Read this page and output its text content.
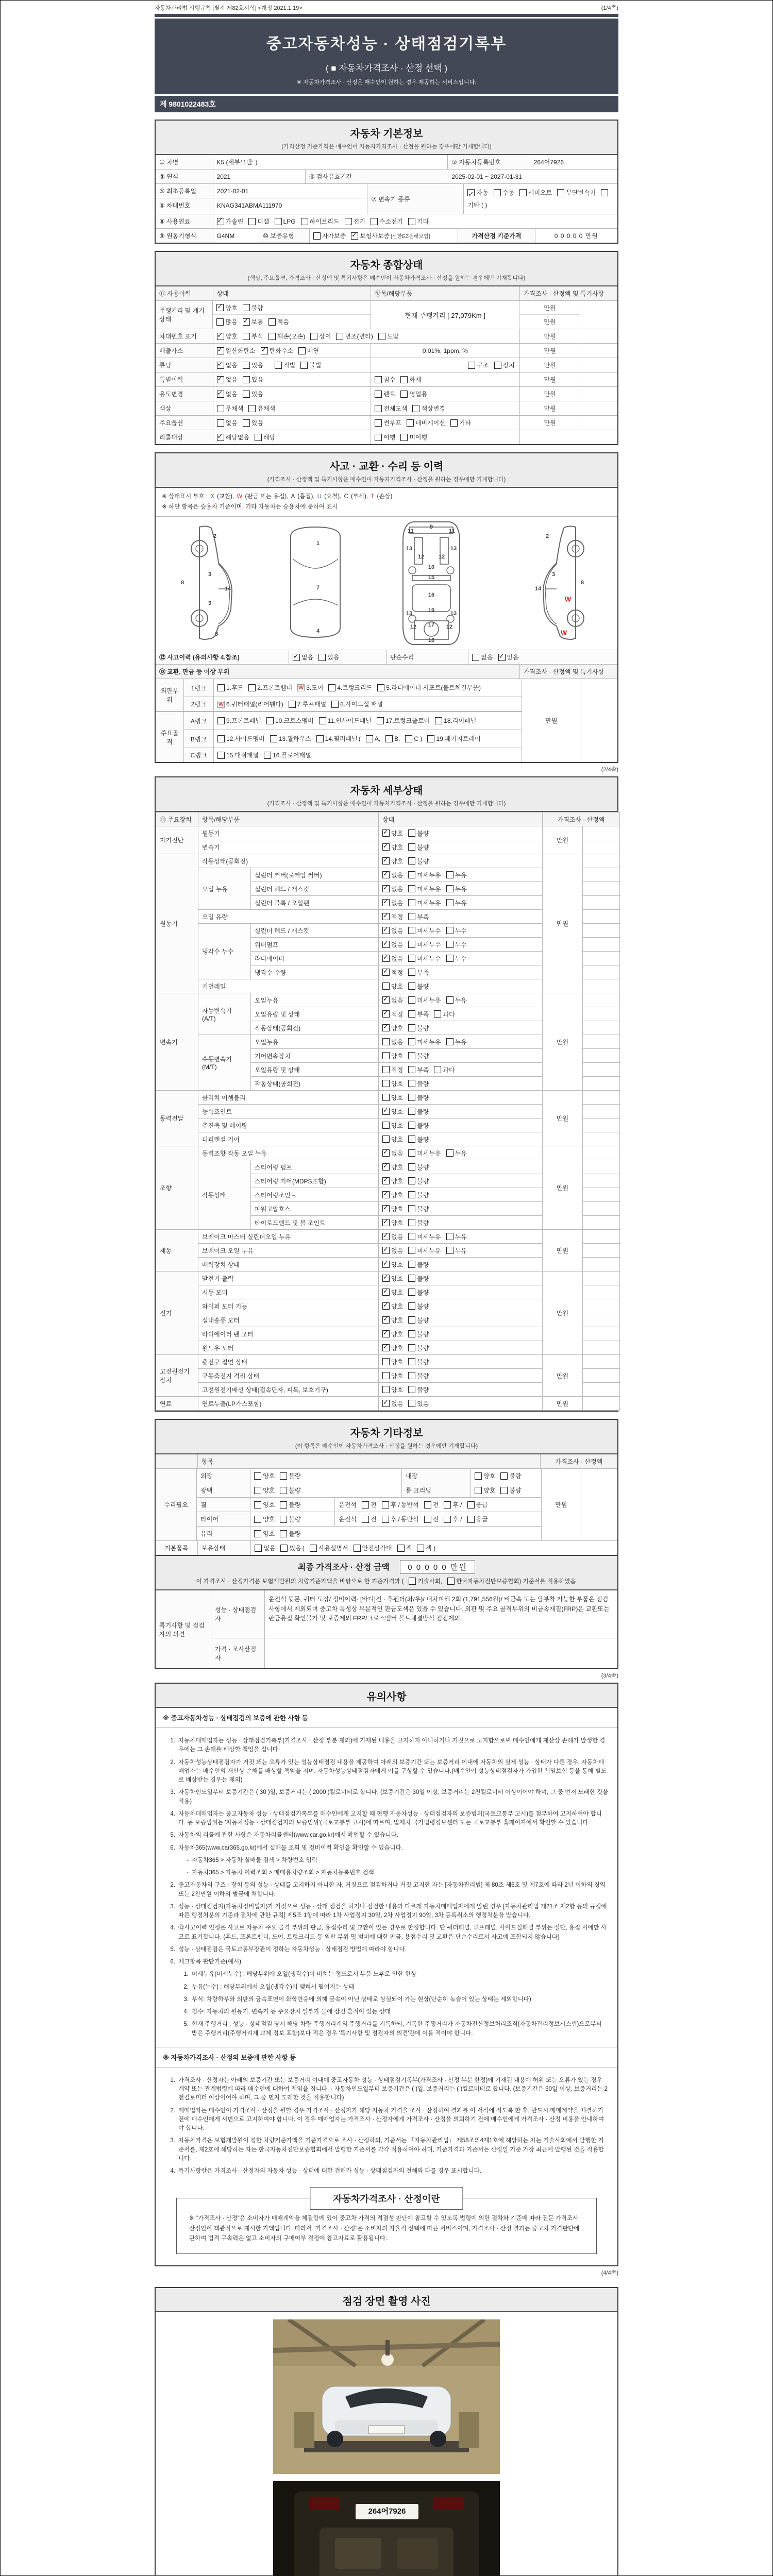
자동차관리법 시행규칙 [별지 제82호서식] <개정 2021.1.19>	(1/4쪽)
중고자동차성능 · 상태점검기록부
( ■ 자동차가격조사 · 산정 선택 )
※ 자동차가격조사 · 산정은 매수인이 원하는 경우 제공하는 서비스입니다.
제 9801022483호
자동차 기본정보

(가격산정 기준가격은 매수인이 자동차가격조사 · 산정을 원하는 경우에만 기재합니다)

① 차명	K5 (세부모델: )	② 자동차등록번호	264어7926
③ 연식	2021	④ 검사유효기간	2025-02-01 ~ 2027-01-31
⑤ 최초등록일	2021-02-01
⑥ 차대번호	KNAG341ABMA111970
⑦ 변속기 종류
✓
자동 수동 세미오토 무단변속기
기타 ( )
⑧ 사용연료 ✓	가솔린 디젤 LPG 하이브리드 전기 수소전기 기타
⑨ 원동기형식	G4NM	⑩ 보증유형	자가보증 ✓ 보험사보증 [신한EZ손해보험]	가격산정 기준가격	0 0 0 0 0 만원
자동차 종합상태

(색상, 주요옵션, 가격조사 · 산정액 및 특기사항은 매수인이 자동차가격조사 · 산정을 원하는 경우에만 기재합니다)

⑪ 사용이력	상태	항목/해당부품	가격조사 · 산정액 및 특기사항
주행거리 및 계기상태
✓
양호 불량
많음 ✓ 보통 적음
현재 주행거리 [ 27,079Km ]
만원
만원
차대번호 표기 ✓	양호 부식 훼손(오손) 상이 변조(변타) 도말	만원
배출가스 ✓	일산화탄소 ✓ 탄화수소 매연	0.01%, 1ppm, %	만원
튜닝 ✓	없음 있음
	적법 불법	구조 장치	만원
특별이력 ✓	없음 있음	침수 화재	만원
용도변경 ✓	없음 있음	렌트 영업용	만원
색상	무채색 유채색	전체도색 색상변경	만원
주요옵션	없음 있음	썬루프 네비게이션 기타	만원
리콜대상 ✓	해당없음 해당	이행 미이행
사고 · 교환 · 수리 등 이력

(가격조사 · 산정액 및 특기사항은 매수인이 자동차가격조사 · 산정을 원하는 경우에만 기재합니다)

※ 상태표시 부호 : X (교환), W (판금 또는 용접), A (흠집), U (요철), C (부식), T (손상)
※ 하단 항목은 승용차 기준이며, 기타 자동차는 승용차에 준하여 표시
2
8
3
14
3
6
1
7
4
11
9
11
13
12	12
13
10
15
16
19
13	13
12	12
17
18
2
3
8
14
W
W
⑫ 사고이력 (유의사항 4.참조) ✓	없음 있음	단순수리	없음 ✓ 있음
⑬ 교환, 판금 등 이상 부위	가격조사 · 산정액 및 특기사항
외판부위
1랭크	1.후드 2.프론트휀더 W 3.도어 4.트렁크리드 5.라디에이터 서포트(볼트체결부품)
2랭크	W 6.쿼터패널(리어휀다) 7.루프패널 8.사이드실 패널
주요골격
A랭크	9.프론트패널 10.크로스멤버 11.인사이드패널 17.트렁크플로어 18.리어패널
B랭크	12.사이드멤버 13.휠하우스 14.필러패널 ( A, B, C ) 19.패키지트레이
C랭크	15.대쉬패널 16.플로어패널
만원
(2/4쪽)
자동차 세부상태

(가격조사 · 산정액 및 특기사항은 매수인이 자동차가격조사 · 산정을 원하는 경우에만 기재합니다)

⑭ 주요장치	항목/해당부품		상태	가격조사 · 산정액	
자기진단	원동기	✓양호 불량	만원	
	변속기	✓양호 불량	
원동기	작동상태(공회전)	✓양호 불량	만원	
	오일 누유	실린더 커버(로커암 커버)	✓없음 미세누유 누유	
		실린더 헤드 / 개스킷	✓없음 미세누유 누유	
		실린더 블록 / 오일팬	✓없음 미세누유 누유	
	오일 유량	✓적정 부족	
	냉각수 누수	실린더 헤드 / 개스킷	✓없음 미세누수 누수	
		워터펌프	✓없음 미세누수 누수	
		라디에이터	✓없음 미세누수 누수	
		냉각수 수량	✓적정 부족	
	커먼레일		양호 불량		
변속기	자동변속기 (A/T)	오일누유	✓없음 미세누유 누유	만원	
		오일유량 및 상태	✓적정 부족 과다	
		작동상태(공회전)	✓양호 불량	
	수동변속기 (M/T)	오일누유	없음 미세누유 누유		
		기어변속장치	양호 불량		
		오일유량 및 상태	적정 부족 과다		
		작동상태(공회전)	양호 불량		
동력전달	클러치 어셈블리		양호 불량	만원	
	등속조인트	✓양호 불량	
	추진축 및 베어링		양호 불량		
	디퍼렌셜 기어		양호 불량		
조향	동력조향 작동 오일 누유	✓없음 미세누유 누유	만원	
	작동상태	스티어링 펌프	✓양호 불량	
		스티어링 기어(MDPS포함)	✓양호 불량	
		스티어링조인트	✓양호 불량	
		파워고압호스	✓양호 불량	
		타이로드엔드 및 볼 조인트	✓양호 불량	
제동	브레이크 마스터 실린더오일 누유	✓없음 미세누유 누유	만원	
	브레이크 오일 누유	✓없음 미세누유 누유	
	배력장치 상태	✓양호 불량	
전기	발전기 출력	✓양호 불량	만원	
	시동 모터	✓양호 불량	
	와이퍼 모터 기능	✓양호 불량	
	실내송풍 모터	✓양호 불량	
	라디에이터 팬 모터	✓양호 불량	
	윈도우 모터	✓양호 불량	
고전원전기장치	충전구 절연 상태		양호 불량	만원	
	구동축전지 격리 상태		양호 불량		
	고전원전기배선 상태(접속단자, 피복, 보호기구)		양호 불량		
연료	연료누출(LP가스포함)	✓없음 있음	만원	
자동차 기타정보

(이 항목은 매수인이 자동차가격조사 · 산정을 원하는 경우에만 기재합니다)

항목	가격조사 · 산정액
수리필요
외장	양호 불량	내장	양호 불량
광택	양호 불량	룸 크리닝	양호 불량
휠	양호 불량	운전석 전 후 / 동반석 전 후 / 응급
타이어	양호 불량	운전석 전 후 / 동반석 전 후 / 응급
유리	양호 불량
만원
기본품목	보유상태	없음 있음 ( 사용설명서 안전삼각대 잭 잭 )
최종 가격조사 · 산정 금액 0 0 0 0 0 만원
이 가격조사 · 산정가격은 보험개발원의 차량기준가액을 바탕으로 한 기준가격과 ( 기술사회, 한국자동차진단보증협회) 기준서를 적용하였음
특기사항 및 점검자의 의견
성능 · 상태점검자
운전석 뒷문, 쿼터 도장/ 정비이력- [바디]전 · 후펜더(좌/우)/ 내차피해 2회 (1,791,556원)/ 비금속 또는 탈부착 가능한 부품은 점검사항에서 제외되며 중고차 특성상 부분적인 판금도색은 있을 수 있습니다. 외판 및 주요 골격부위의 비금속재질(FRP)은 교환또는 판금용접 확인불가 및 보증제외 FRP/크로스멤버 볼트체결방식 점검제외
가격 · 조사산정자
(3/4쪽)
유의사항
※ 중고자동차성능 · 상태점검의 보증에 관한 사항 등
1. 자동차매매업자는 성능 · 상태점검기록부(가격조사 · 산정 부분 제외)에 기재된 내용을 고지하지 아니하거나 거짓으로 고지함으로써 매수인에게 재산상 손해가 발생한 경우에는 그 손해를 배상할 책임을 집니다.
2. 자동차성능상태점검자가 거짓 또는 오류가 있는 성능상태점검 내용을 제공하여 아래의 보증기간 또는 보증거리 이내에 자동차의 실제 성능 · 상태가 다른 경우, 자동차매매업자는 매수인의 재산상 손해를 배상할 책임을 지며, 자동차성능상태점검자에게 이를 구상할 수 있습니다.(매수인이 성능상태점검자가 가입한 책임보험 등을 통해 별도로 배상받는 경우는 제외)
3. 자동차인도일부터 보증기간은 ( 30 )일, 보증거리는 ( 2000 )킬로미터로 합니다. (보증기간은 30일 이상, 보증거리는 2천킬로미터 이상이어야 하며, 그 중 먼저 도래한 것을 적용)
4. 자동차매매업자는 중고자동차 성능 · 상태점검기록부를 매수인에게 고지할 때 현행 자동차성능 · 상태점검자의 보증범위(국토교통부 고시)를 첨부하여 고지하여야 합니다. 동 보증범위는 '자동차성능 · 상태점검자의 보증범위'(국토교통부 고시)에 따르며, 법제처 국가법령정보센터 또는 국토교통부 홈페이지에서 확인할 수 있습니다.
5. 자동차의 리콜에 관한 사항은 자동차리콜센터(www.car.go.kr)에서 확인할 수 있습니다.
6. 자동차365(www.car365.go.kr)에서 실매물 조회 및 정비이력 확인을 확인할 수 있습니다.
- 자동차365 > 자동차 실매물 검색 > 차량번호 입력
- 자동차365 > 자동차 이력조회 > 매매용차량조회 > 자동차등록번호 검색
2. 중고자동차의 구조 · 장치 등의 성능 · 상태를 고지하지 아니한 자, 거짓으로 점검하거나 거짓 고지한 자는 [자동차관리법] 제 80조 제6호 및 제7호에 따라 2년 이하의 징역 또는 2천만원 이하의 벌금에 처합니다.
3. 성능 · 상태점검자(자동차정비업자)가 거짓으로 성능 · 상태 점검을 하거나 점검한 내용과 다르게 자동차매매업자에게 알린 경우 [자동차관리법 제21조 제2항 등의 규정에 따른 행정처분의 기준과 절차에 관한 규칙] 제5조 1항에 따라 1차 사업정지 30일, 2차 사업정지 90일, 3차 등록취소의 행정처분을 받습니다.
4. ⑫사고이력 인정은 사고로 자동차 주요 골격 부위의 판금, 용접수리 및 교환이 있는 경우로 한정합니다. 단 쿼터패널, 루프패널, 사이드실패널 부위는 절단, 용접 시에만 사고로 표기합니다. (후드, 프론트펜더, 도어, 트렁크리드 등 외판 부위 및 범퍼에 대한 판금, 용접수리 및 교환은 단순수리로서 사고에 포함되지 않습니다)
5. 성능 · 상태점검은 국토교통부장관이 정하는 자동차성능 · 상태점검 방법에 따라야 합니다.
6. 체크항목 판단기준(예시)
1. 미세누유(미세누수) : 해당부위에 오일(냉각수)이 비치는 정도로서 부품 노후로 인한 현상
2. 누유(누수) : 해당부위에서 오일(냉각수)이 맺혀서 떨어지는 상태
3. 부식: 차량하부와 외판의 금속표면이 화학반응에 의해 금속이 아닌 상태로 상실되어 가는 현상(단순히 녹슬어 있는 상태는 제외합니다)
4. 침수: 자동차의 원동기, 변속기 등 주요장치 일부가 물에 잠긴 흔적이 있는 상태
5. 현재 주행거리 : 성능 · 상태점검 당시 해당 차량 주행거리계의 주행거리를 기록하되, 기록한 주행거리가 자동차전산정보처리조직(자동차관리정보시스템)으로부터 받은 주행거리(주행거리계 교체 정보 포함)보다 적은 경우 '특기사항 및 점검자의 의견'란에 이를 적어야 합니다.
※ 자동차가격조사 · 산정의 보증에 관한 사항 등
1. 가격조사 · 산정자는 아래의 보증기간 또는 보증거리 이내에 중고자동차 성능 · 상태점검기록부(가격조사 · 산정 부분 한정)에 기재된 내용에 허위 또는 오류가 있는 경우 계약 또는 관계법령에 따라 매수인에 대하여 책임을 집니다. · 자동차인도일부터 보증기간은 ( )일, 보증거리는 ( )킬로미터로 합니다. (보증기간은 30일 이상, 보증거리는 2천킬로미터 이상이어야 하며, 그 중 먼저 도래한 것을 적용합니다)
2. 매매업자는 매수인이 가격조사 · 산정을 원할 경우 가격조사 · 산정자가 해당 자동차 가격을 조사 · 산정하여 결과를 이 서식에 적도록 한 후, 반드시 매매계약을 체결하기 전에 매수인에게 서면으로 고지하여야 합니다. 이 경우 매매업자는 가격조사 · 산정자에게 가격조사 · 산정을 의뢰하기 전에 매수인에게 가격조사 · 산정 비용을 안내하여야 합니다.
3. 자동차가격은 보험개발원이 정한 차량기준가액을 기준가격으로 조사 · 산정하되, 기준서는 「자동차관리법」 제58조의4제1호에 해당하는 자는 기술사회에서 발행한 기준서를, 제2호에 해당하는 자는 한국자동차진단보증협회에서 발행한 기준서를 각각 적용하여야 하며, 기준가격과 기준서는 산정일 기준 가장 최근에 발행된 것을 적용합니다.
4. 특기사항란은 가격조사 · 산정자의 자동차 성능 · 상태에 대한 견해가 성능 · 상태점검자의 견해와 다를 경우 표시합니다.
자동차가격조사 · 산정이란
※ "가격조사 · 산정"은 소비자가 매매계약을 체결함에 있어 중고차 가격의 적절성 판단에 참고할 수 있도록 법령에 의한 절차와 기준에 따라 전문 가격조사 · 산정인이 객관적으로 제시한 가액입니다. 따라서 "가격조사 · 산정"은 소비자의 자율적 선택에 따른 서비스이며, 가격조사 · 산정 결과는 중고차 가격판단에 관하여 법적 구속력은 없고 소비자의 구매여부 결정에 참고자료로 활용됩니다.
(4/4쪽)
점검 장면 촬영 사진
264어7926
